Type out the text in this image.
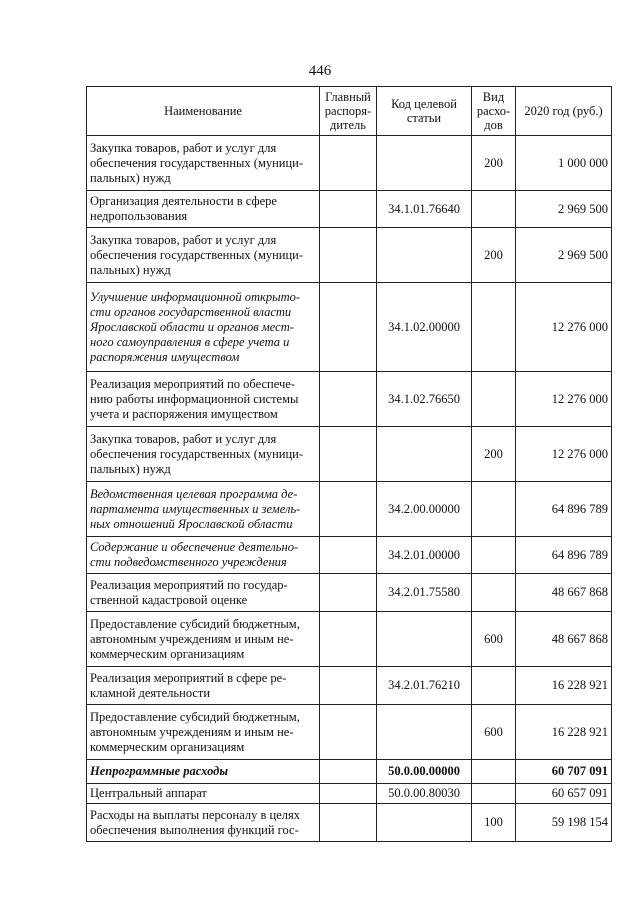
446
Наименование	Главный распоря-дитель	Код целевой статьи	Вид расхо-дов	2020 год (руб.)
Закупка товаров, работ и услуг для обеспечения государственных (муници-пальных) нужд			200	1 000 000
Организация деятельности в сфере недропользования		34.1.01.76640		2 969 500
Закупка товаров, работ и услуг для обеспечения государственных (муници-пальных) нужд			200	2 969 500
Улучшение информационной открыто-сти органов государственной власти Ярославской области и органов мест-ного самоуправления в сфере учета и распоряжения имуществом		34.1.02.00000		12 276 000
Реализация мероприятий по обеспече-нию работы информационной системы учета и распоряжения имуществом		34.1.02.76650		12 276 000
Закупка товаров, работ и услуг для обеспечения государственных (муници-пальных) нужд			200	12 276 000
Ведомственная целевая программа де-партамента имущественных и земель-ных отношений Ярославской области		34.2.00.00000		64 896 789
Содержание и обеспечение деятельно-сти подведомственного учреждения		34.2.01.00000		64 896 789
Реализация мероприятий по государ-ственной кадастровой оценке		34.2.01.75580		48 667 868
Предоставление субсидий бюджетным, автономным учреждениям и иным не-коммерческим организациям			600	48 667 868
Реализация мероприятий в сфере ре-кламной деятельности		34.2.01.76210		16 228 921
Предоставление субсидий бюджетным, автономным учреждениям и иным не-коммерческим организациям			600	16 228 921
Непрограммные расходы		50.0.00.00000		60 707 091
Центральный аппарат		50.0.00.80030		60 657 091
Расходы на выплаты персоналу в целях обеспечения выполнения функций гос-			100	59 198 154
